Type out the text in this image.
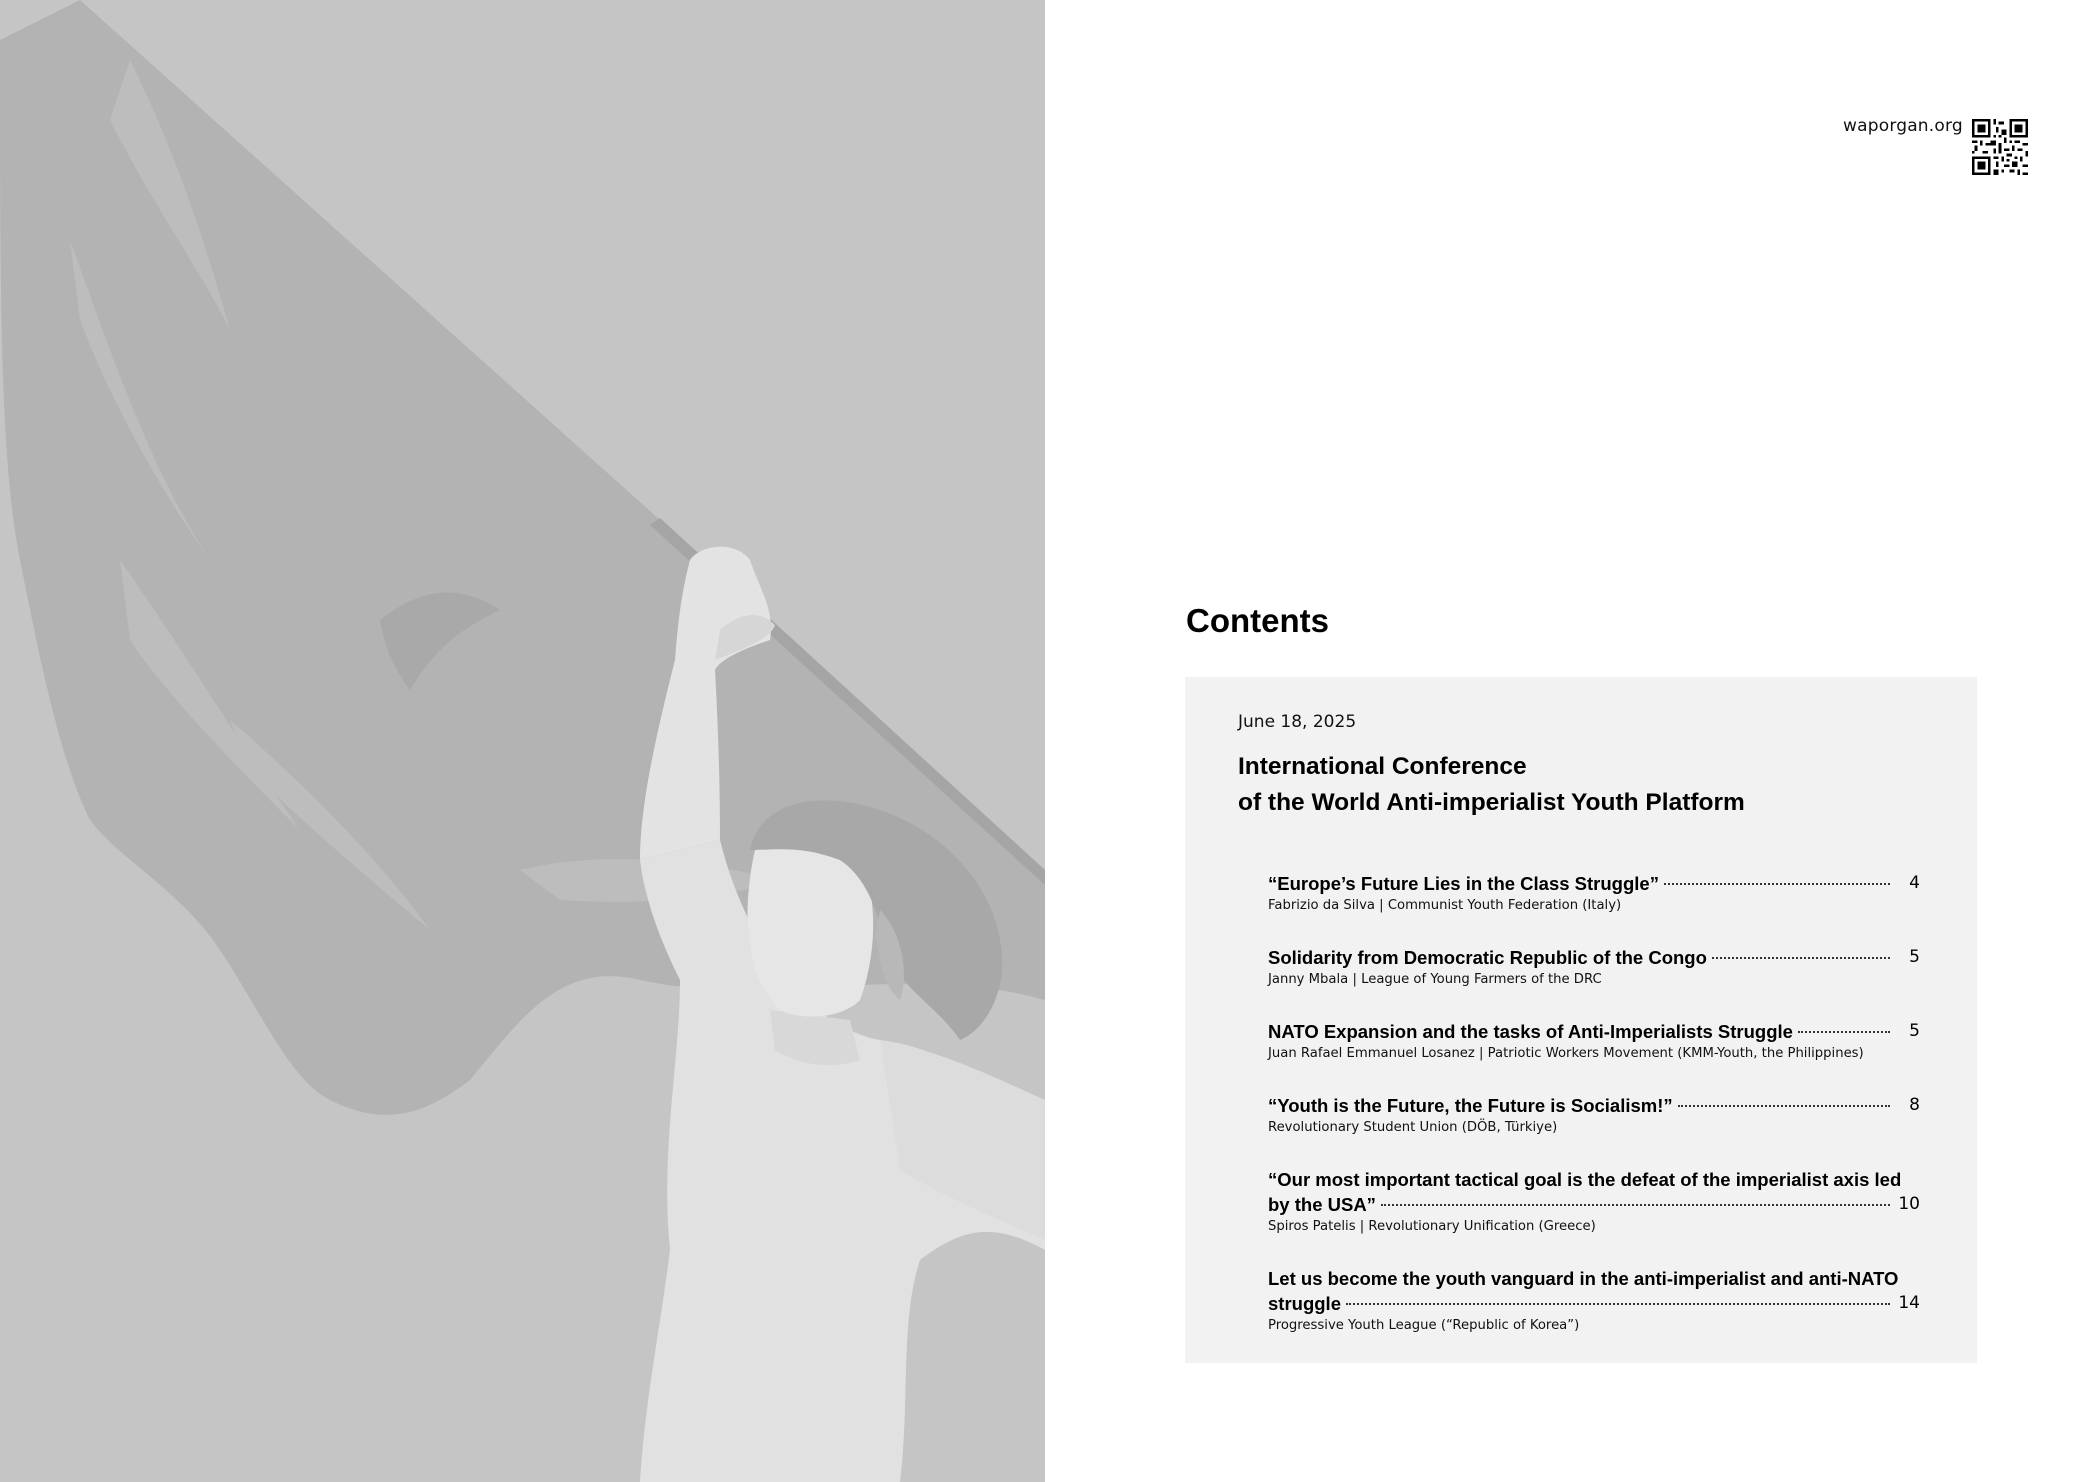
waporgan.org
Contents
June 18, 2025
International Conference
of the World Anti-imperialist Youth Platform
“Europe’s Future Lies in the Class Struggle”	4
Fabrizio da Silva | Communist Youth Federation (Italy)
Solidarity from Democratic Republic of the Congo	5
Janny Mbala | League of Young Farmers of the DRC
NATO Expansion and the tasks of Anti-Imperialists Struggle	5
Juan Rafael Emmanuel Losanez | Patriotic Workers Movement (KMM-Youth, the Philippines)
“Youth is the Future, the Future is Socialism!”	8
Revolutionary Student Union (DÖB, Türkiye)
“Our most important tactical goal is the defeat of the imperialist axis led
by the USA”	10
Spiros Patelis | Revolutionary Unification (Greece)
Let us become the youth vanguard in the anti-imperialist and anti-NATO
struggle	14
Progressive Youth League (“Republic of Korea”)
